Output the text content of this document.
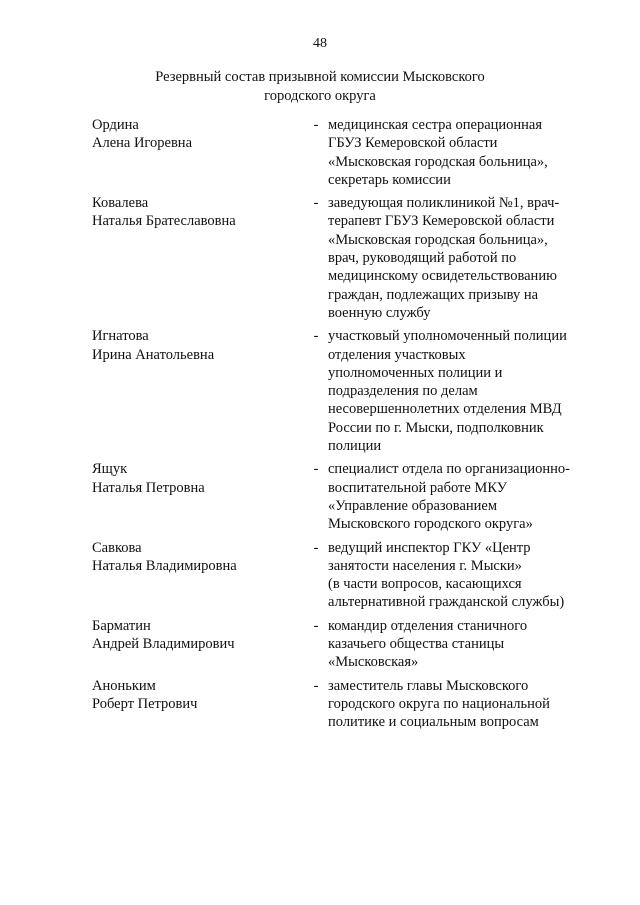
48
Резервный состав призывной комиссии Мысковского
городского округа
Ордина
Алена Игоревна
- медицинская сестра операционная
ГБУЗ Кемеровской области
«Мысковская городская больница»,
секретарь комиссии
Ковалева
Наталья Братеславовна
- заведующая поликлиникой №1, врач-
терапевт ГБУЗ Кемеровской области
«Мысковская городская больница»,
врач, руководящий работой по
медицинскому освидетельствованию
граждан, подлежащих призыву на
военную службу
Игнатова
Ирина Анатольевна
- участковый уполномоченный полиции
отделения участковых
уполномоченных полиции и
подразделения по делам
несовершеннолетних отделения МВД
России по г. Мыски, подполковник
полиции
Ящук
Наталья Петровна
- специалист отдела по организационно-
воспитательной работе МКУ
«Управление образованием
Мысковского городского округа»
Савкова
Наталья Владимировна
- ведущий инспектор ГКУ «Центр
занятости населения г. Мыски»
(в части вопросов, касающихся
альтернативной гражданской службы)
Барматин
Андрей Владимирович
- командир отделения станичного
казачьего общества станицы
«Мысковская»
Аноньким
Роберт Петрович
- заместитель главы Мысковского
городского округа по национальной
политике и социальным вопросам
